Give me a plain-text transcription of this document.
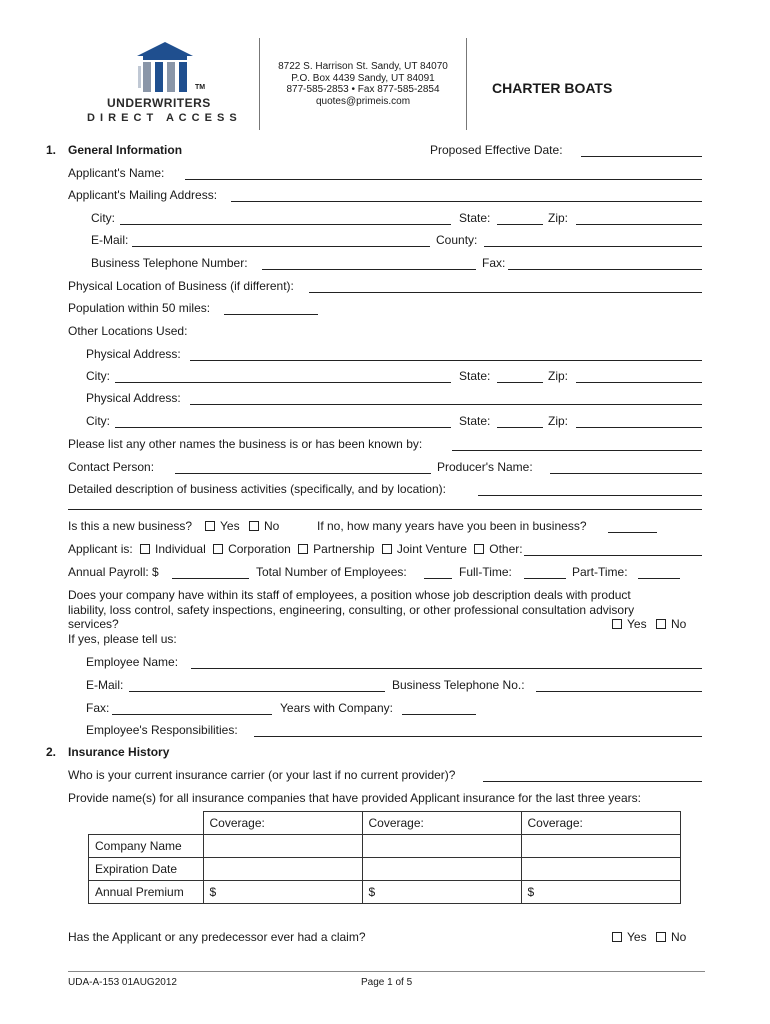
TM
UNDERWRITERS
D I R E C T   A C C E S S
8722 S. Harrison St. Sandy, UT 84070
P.O. Box 4439 Sandy, UT 84091
877-585-2853 • Fax 877-585-2854
quotes@primeis.com
CHARTER BOATS
1. General Information	Proposed Effective Date:
Applicant's Name:
Applicant's Mailing Address:
City:	State:	Zip:
E-Mail:	County:
Business Telephone Number:	Fax:
Physical Location of Business (if different):
Population within 50 miles:
Other Locations Used:
Physical Address:
City:	State:	Zip:
Physical Address:
City:	State:	Zip:
Please list any other names the business is or has been known by:
Contact Person:	Producer's Name:
Detailed description of business activities (specifically, and by location):
Is this a new business?	Yes	No	If no, how many years have you been in business?
Applicant is: Individual Corporation Partnership Joint Venture Other:
Annual Payroll: $	Total Number of Employees:	Full-Time:	Part-Time:
Does your company have within its staff of employees, a position whose job description deals with product
liability, loss control, safety inspections, engineering, consulting, or other professional consultation advisory
services?	Yes	No
If yes, please tell us:
Employee Name:
E-Mail:	Business Telephone No.:
Fax:	Years with Company:
Employee's Responsibilities:
2. Insurance History
Who is your current insurance carrier (or your last if no current provider)?
Provide name(s) for all insurance companies that have provided Applicant insurance for the last three years:
	Coverage:	Coverage:	Coverage:
Company Name			
Expiration Date			
Annual Premium	$	$	$
Has the Applicant or any predecessor ever had a claim?	Yes	No
UDA-A-153 01AUG2012	Page 1 of 5
